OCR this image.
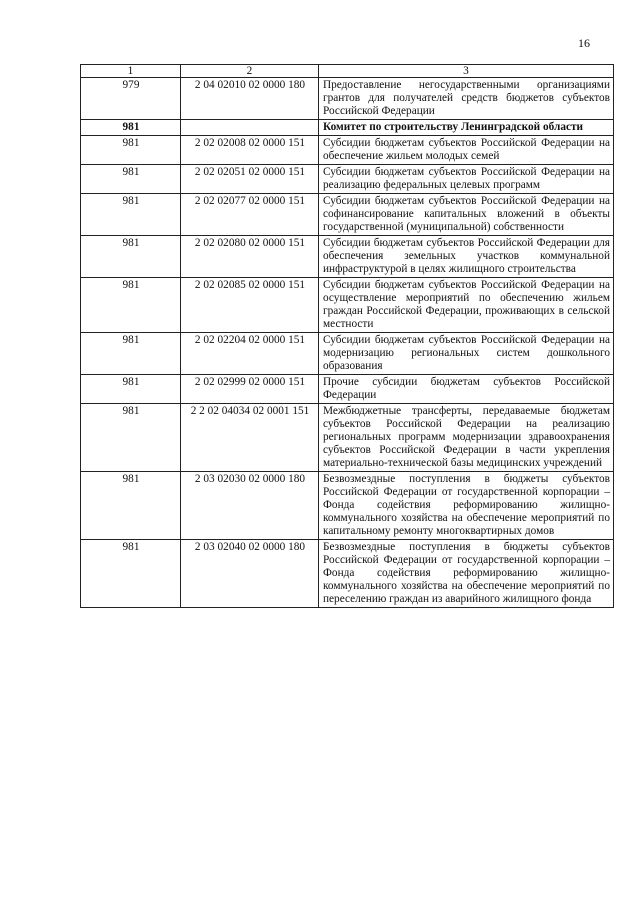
16
1	2	3
979	2 04 02010 02 0000 180	Предоставление негосударственными организациями грантов для получателей средств бюджетов субъектов Российской Федерации
981		Комитет по строительству Ленинградской области
981	2 02 02008 02 0000 151	Субсидии бюджетам субъектов Российской Федерации на обеспечение жильем молодых семей
981	2 02 02051 02 0000 151	Субсидии бюджетам субъектов Российской Федерации на реализацию федеральных целевых программ
981	2 02 02077 02 0000 151	Субсидии бюджетам субъектов Российской Федерации на софинансирование капитальных вложений в объекты государственной (муниципальной) собственности
981	2 02 02080 02 0000 151	Субсидии бюджетам субъектов Российской Федерации для обеспечения земельных участков коммунальной инфраструктурой в целях жилищного строительства
981	2 02 02085 02 0000 151	Субсидии бюджетам субъектов Российской Федерации на осуществление мероприятий по обеспечению жильем граждан Российской Федерации, проживающих в сельской местности
981	2 02 02204 02 0000 151	Субсидии бюджетам субъектов Российской Федерации на модернизацию региональных систем дошкольного образования
981	2 02 02999 02 0000 151	Прочие субсидии бюджетам субъектов Российской Федерации
981	2 2 02 04034 02 0001 151	Межбюджетные трансферты, передаваемые бюджетам субъектов Российской Федерации на реализацию региональных программ модернизации здравоохранения субъектов Российской Федерации в части укрепления материально-технической базы медицинских учреждений
981	2 03 02030 02 0000 180	Безвозмездные поступления в бюджеты субъектов Российской Федерации от государственной корпорации – Фонда содействия реформированию жилищно-коммунального хозяйства на обеспечение мероприятий по капитальному ремонту многоквартирных домов
981	2 03 02040 02 0000 180	Безвозмездные поступления в бюджеты субъектов Российской Федерации от государственной корпорации – Фонда содействия реформированию жилищно-коммунального хозяйства на обеспечение мероприятий по переселению граждан из аварийного жилищного фонда
